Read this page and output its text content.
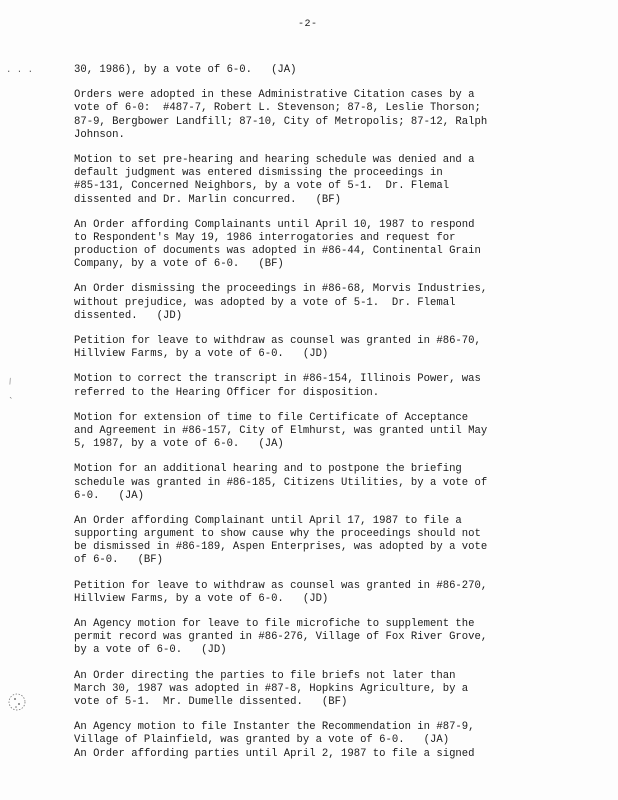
-2-
· · ·
⁄
`
30, 1986), by a vote of 6-0.   (JA)
Orders were adopted in these Administrative Citation cases by a
vote of 6-0:  #487-7, Robert L. Stevenson; 87-8, Leslie Thorson;
87-9, Bergbower Landfill; 87-10, City of Metropolis; 87-12, Ralph
Johnson.
Motion to set pre-hearing and hearing schedule was denied and a
default judgment was entered dismissing the proceedings in
#85-131, Concerned Neighbors, by a vote of 5-1.  Dr. Flemal
dissented and Dr. Marlin concurred.   (BF)
An Order affording Complainants until April 10, 1987 to respond
to Respondent's May 19, 1986 interrogatories and request for
production of documents was adopted in #86-44, Continental Grain
Company, by a vote of 6-0.   (BF)
An Order dismissing the proceedings in #86-68, Morvis Industries,
without prejudice, was adopted by a vote of 5-1.  Dr. Flemal
dissented.   (JD)
Petition for leave to withdraw as counsel was granted in #86-70,
Hillview Farms, by a vote of 6-0.   (JD)
Motion to correct the transcript in #86-154, Illinois Power, was
referred to the Hearing Officer for disposition.
Motion for extension of time to file Certificate of Acceptance
and Agreement in #86-157, City of Elmhurst, was granted until May
5, 1987, by a vote of 6-0.   (JA)
Motion for an additional hearing and to postpone the briefing
schedule was granted in #86-185, Citizens Utilities, by a vote of
6-0.   (JA)
An Order affording Complainant until April 17, 1987 to file a
supporting argument to show cause why the proceedings should not
be dismissed in #86-189, Aspen Enterprises, was adopted by a vote
of 6-0.   (BF)
Petition for leave to withdraw as counsel was granted in #86-270,
Hillview Farms, by a vote of 6-0.   (JD)
An Agency motion for leave to file microfiche to supplement the
permit record was granted in #86-276, Village of Fox River Grove,
by a vote of 6-0.   (JD)
An Order directing the parties to file briefs not later than
March 30, 1987 was adopted in #87-8, Hopkins Agriculture, by a
vote of 5-1.  Mr. Dumelle dissented.   (BF)
An Agency motion to file Instanter the Recommendation in #87-9,
Village of Plainfield, was granted by a vote of 6-0.   (JA)
An Order affording parties until April 2, 1987 to file a signed
